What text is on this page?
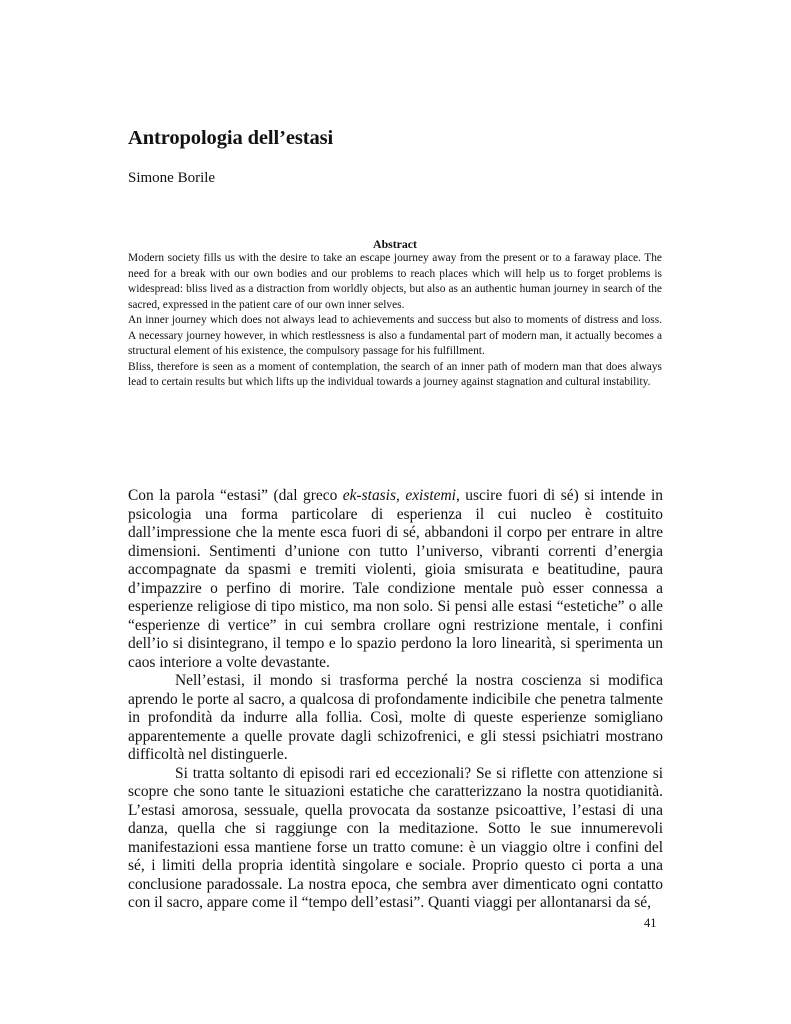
Antropologia dell’estasi
Simone Borile
Abstract

Modern society fills us with the desire to take an escape journey away from the present or to a faraway place. The need for a break with our own bodies and our problems to reach places which will help us to forget problems is widespread: bliss lived as a distraction from worldly objects, but also as an authentic human journey in search of the sacred, expressed in the patient care of our own inner selves.

An inner journey which does not always lead to achievements and success but also to moments of distress and loss. A necessary journey however, in which restlessness is also a fundamental part of modern man, it actually becomes a structural element of his existence, the compulsory passage for his fulfillment.

Bliss, therefore is seen as a moment of contemplation, the search of an inner path of modern man that does always lead to certain results but which lifts up the individual towards a journey against stagnation and cultural instability.

Con la parola “estasi” (dal greco ek-stasis, existemi, uscire fuori di sé) si intende in psicologia una forma particolare di esperienza il cui nucleo è costituito dall’impressione che la mente esca fuori di sé, abbandoni il corpo per entrare in altre dimensioni. Sentimenti d’unione con tutto l’universo, vibranti correnti d’energia accompagnate da spasmi e tremiti violenti, gioia smisurata e beatitudine, paura d’impazzire o perfino di morire. Tale condizione mentale può esser connessa a esperienze religiose di tipo mistico, ma non solo. Si pensi alle estasi “estetiche” o alle “esperienze di vertice” in cui sembra crollare ogni restrizione mentale, i confini dell’io si disintegrano, il tempo e lo spazio perdono la loro linearità, si sperimenta un caos interiore a volte devastante.

Nell’estasi, il mondo si trasforma perché la nostra coscienza si modifica aprendo le porte al sacro, a qualcosa di profondamente indicibile che penetra talmente in profondità da indurre alla follia. Così, molte di queste esperienze somigliano apparentemente a quelle provate dagli schizofrenici, e gli stessi psichiatri mostrano difficoltà nel distinguerle.

Si tratta soltanto di episodi rari ed eccezionali? Se si riflette con attenzione si scopre che sono tante le situazioni estatiche che caratterizzano la nostra quotidianità. L’estasi amorosa, sessuale, quella provocata da sostanze psicoattive, l’estasi di una danza, quella che si raggiunge con la meditazione. Sotto le sue innumerevoli manifestazioni essa mantiene forse un tratto comune: è un viaggio oltre i confini del sé, i limiti della propria identità singolare e sociale. Proprio questo ci porta a una conclusione paradossale. La nostra epoca, che sembra aver dimenticato ogni contatto con il sacro, appare come il “tempo dell’estasi”. Quanti viaggi per allontanarsi da sé,

41
